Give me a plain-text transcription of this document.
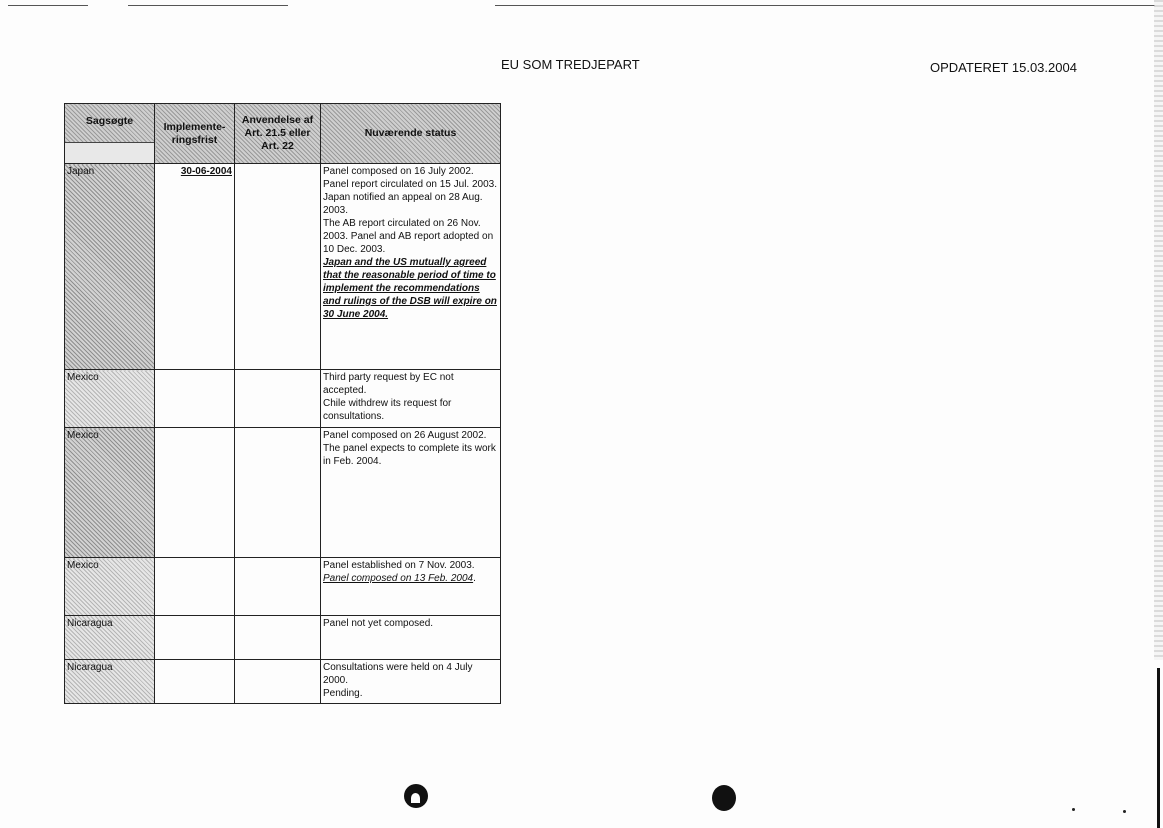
EU SOM TREDJEPART	OPDATERET 15.03.2004
Sagsøgte	Implemente-ringsfrist	Anvendelse af Art. 21.5 eller Art. 22	Nuværende status
Japan	30-06-2004		Panel composed on 16 July 2002.
Panel report circulated on 15 Jul. 2003.
Japan notified an appeal on 28 Aug. 2003.
The AB report circulated on 26 Nov. 2003. Panel and AB report adopted on 10 Dec. 2003.
Japan and the US mutually agreed that the reasonable period of time to implement the recommendations and rulings of the DSB will expire on 30 June 2004.

Mexico			Third party request by EC not accepted.
Chile withdrew its request for consultations.

Mexico			Panel composed on 26 August 2002.
The panel expects to complete its work in Feb. 2004.

Mexico			Panel established on 7 Nov. 2003.
Panel composed on 13 Feb. 2004.
Nicaragua			Panel not yet composed.

Nicaragua			Consultations were held on 4 July 2000.
Pending.
